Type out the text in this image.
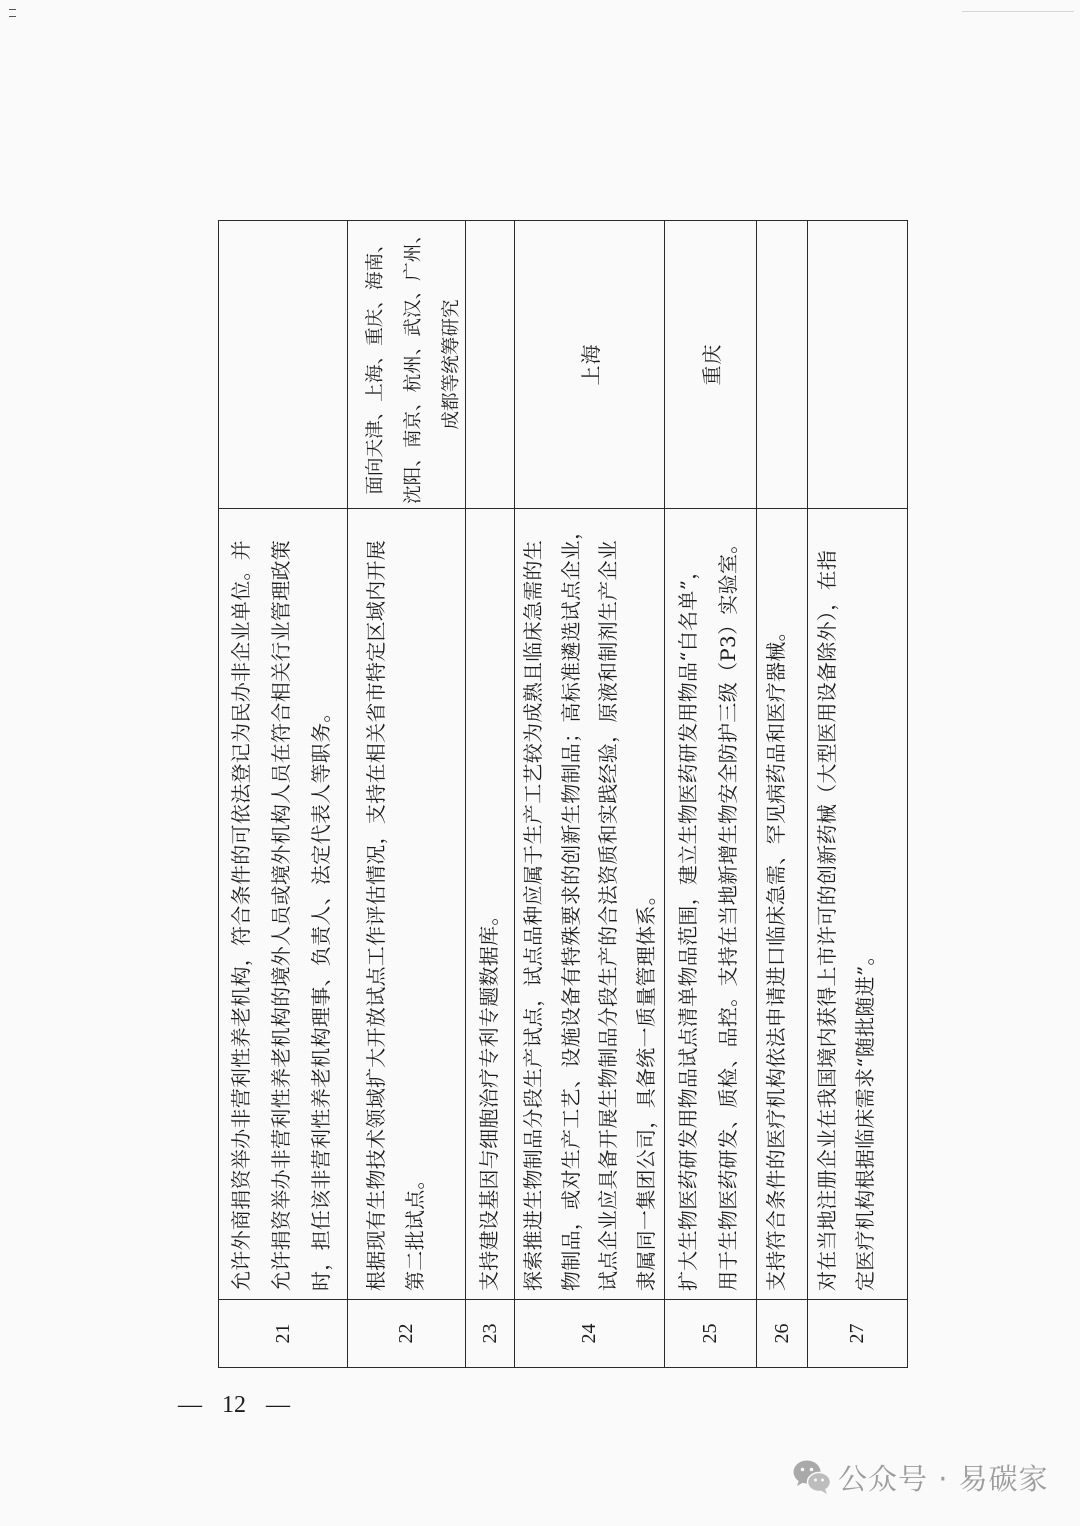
21
允许外商捐资举办非营利性养老机构，符合条件的可依法登记为民办非企业单位。并 允许捐资举办非营利性养老机构的境外人员或境外机构人员在符合相关行业管理政策 时，担任该非营利性养老机构理事、负责人、法定代表人等职务。
22
根据现有生物技术领域扩大开放试点工作评估情况，支持在相关省市特定区域内开展 第二批试点。
面向天津、上海、重庆、海南、 沈阳、南京、杭州、武汉、广州、 成都等统筹研究
23
支持建设基因与细胞治疗专利专题数据库。
24
探索推进生物制品分段生产试点，试点品种应属于生产工艺较为成熟且临床急需的生 物制品，或对生产工艺、设施设备有特殊要求的创新生物制品；高标准遴选试点企业， 试点企业应具备开展生物制品分段生产的合法资质和实践经验，原液和制剂生产企业 隶属同一集团公司，具备统一质量管理体系。
上海
25
扩大生物医药研发用物品试点清单物品范围，建立生物医药研发用物品“白名单”， 用于生物医药研发、质检、品控。支持在当地新增生物安全防护三级（P3）实验室。
重庆
26
支持符合条件的医疗机构依法申请进口临床急需、罕见病药品和医疗器械。
27
对在当地注册企业在我国境内获得上市许可的创新药械（大型医用设备除外），在指 定医疗机构根据临床需求“随批随进”。
— 12 —
公众号 · 易碳家
